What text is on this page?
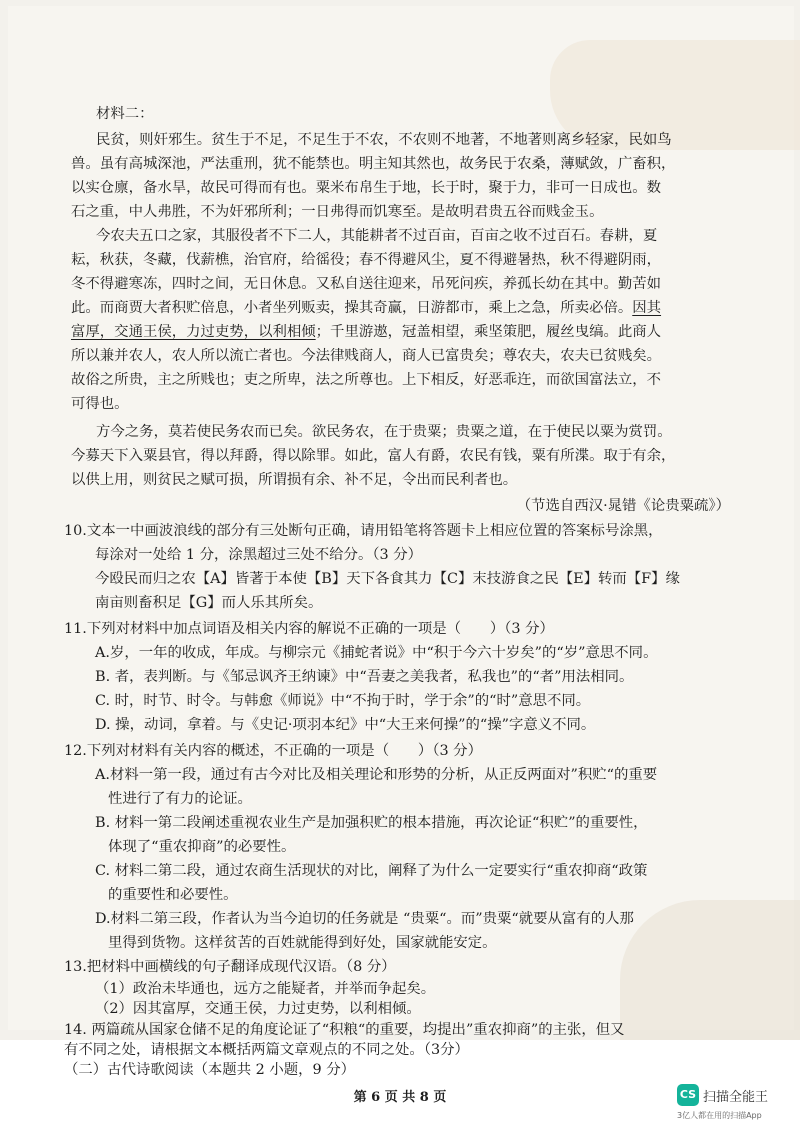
材料二：
民贫，则奸邪生。贫生于不足，不足生于不农，不农则不地著，不地著则离乡轻家，民如鸟
兽。虽有高城深池，严法重刑，犹不能禁也。明主知其然也，故务民于农桑，薄赋敛，广畜积，
以实仓廪，备水旱，故民可得而有也。粟米布帛生于地，长于时，聚于力，非可一日成也。数
石之重，中人弗胜，不为奸邪所利；一日弗得而饥寒至。是故明君贵五谷而贱金玉。
今农夫五口之家，其服役者不下二人，其能耕者不过百亩，百亩之收不过百石。春耕，夏
耘，秋获，冬藏，伐薪樵，治官府，给徭役；春不得避风尘，夏不得避暑热，秋不得避阴雨，
冬不得避寒冻，四时之间，无日休息。又私自送往迎来，吊死问疾，养孤长幼在其中。勤苦如
此。而商贾大者积贮倍息，小者坐列贩卖，操其奇赢，日游都市，乘上之急，所卖必倍。因其
富厚，交通王侯，力过吏势，以利相倾；千里游遨，冠盖相望，乘坚策肥，履丝曳缟。此商人
所以兼并农人，农人所以流亡者也。今法律贱商人，商人已富贵矣；尊农夫，农夫已贫贱矣。
故俗之所贵，主之所贱也；吏之所卑，法之所尊也。上下相反，好恶乖迕，而欲国富法立，不
可得也。
方今之务，莫若使民务农而已矣。欲民务农，在于贵粟；贵粟之道，在于使民以粟为赏罚。
今募天下入粟县官，得以拜爵，得以除罪。如此，富人有爵，农民有钱，粟有所渫。取于有余，
以供上用，则贫民之赋可损，所谓损有余、补不足，令出而民利者也。
（节选自西汉·晁错《论贵粟疏》）
10.文本一中画波浪线的部分有三处断句正确，请用铅笔将答题卡上相应位置的答案标号涂黑，
每涂对一处给 1 分，涂黑超过三处不给分。（3 分）
今殴民而归之农【A】皆著于本使【B】天下各食其力【C】末技游食之民【E】转而【F】缘
南亩则畜积足【G】而人乐其所矣。
11.下列对材料中加点词语及相关内容的解说不正确的一项是（　　）（3 分）
A.岁，一年的收成，年成。与柳宗元《捕蛇者说》中“积于今六十岁矣”的“岁”意思不同。
B. 者，表判断。与《邹忌讽齐王纳谏》中“吾妻之美我者，私我也”的“者”用法相同。
C. 时，时节、时令。与韩愈《师说》中“不拘于时，学于余”的“时”意思不同。
D. 操，动词，拿着。与《史记·项羽本纪》中“大王来何操”的“操”字意义不同。
12.下列对材料有关内容的概述，不正确的一项是（　　）（3 分）
A.材料一第一段，通过有古今对比及相关理论和形势的分析，从正反两面对”积贮“的重要
性进行了有力的论证。
B. 材料一第二段阐述重视农业生产是加强积贮的根本措施，再次论证“积贮”的重要性，
体现了“重农抑商”的必要性。
C. 材料二第二段，通过农商生活现状的对比，阐释了为什么一定要实行“重农抑商“政策
的重要性和必要性。
D.材料二第三段，作者认为当今迫切的任务就是 “贵粟“。而”贵粟“就要从富有的人那
里得到货物。这样贫苦的百姓就能得到好处，国家就能安定。
13.把材料中画横线的句子翻译成现代汉语。（8 分）
（1）政治未毕通也，远方之能疑者，并举而争起矣。
（2）因其富厚，交通王侯，力过吏势，以利相倾。
14. 两篇疏从国家仓储不足的角度论证了“积粮“的重要，均提出”重农抑商”的主张，但又
有不同之处，请根据文本概括两篇文章观点的不同之处。（3分）
（二）古代诗歌阅读（本题共 2 小题，9 分）
第 6 页 共 8 页	CS 扫描全能王
3亿人都在用的扫描App
